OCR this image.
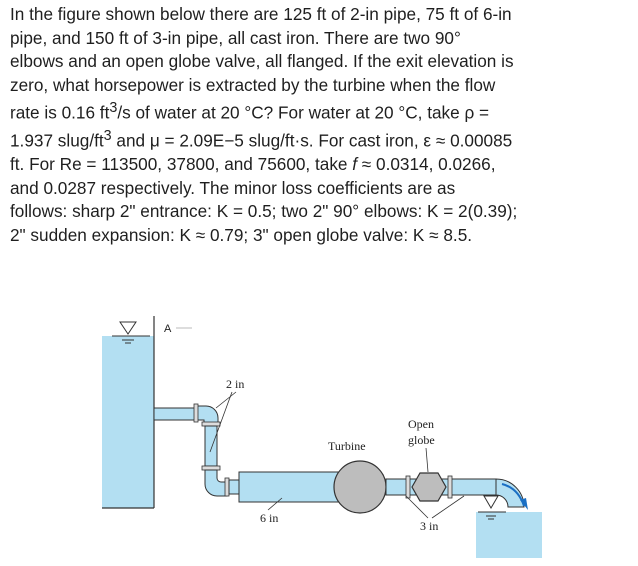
In the figure shown below there are 125 ft of 2-in pipe, 75 ft of 6-in

pipe, and 150 ft of 3-in pipe, all cast iron. There are two 90°

elbows and an open globe valve, all flanged. If the exit elevation is

zero, what horsepower is extracted by the turbine when the flow

rate is 0.16 $ft^3/s$ of water at 20 °C? For water at 20 °C, take ρ =

1.937 slug/$ft^3$ and μ = 2.09E−5 slug/ft·s. For cast iron, ε ≈ 0.00085

ft. For Re = 113500, 37800, and 75600, take f ≈ 0.0314, 0.0266,

and 0.0287 respectively. The minor loss coefficients are as

follows: sharp 2" entrance: K = 0.5; two 2" 90° elbows: K = 2(0.39);

2" sudden expansion: K ≈ 0.79; 3" open globe valve: K ≈ 8.5.

A
2 in
6 in
Turbine
Open
globe
3 in
